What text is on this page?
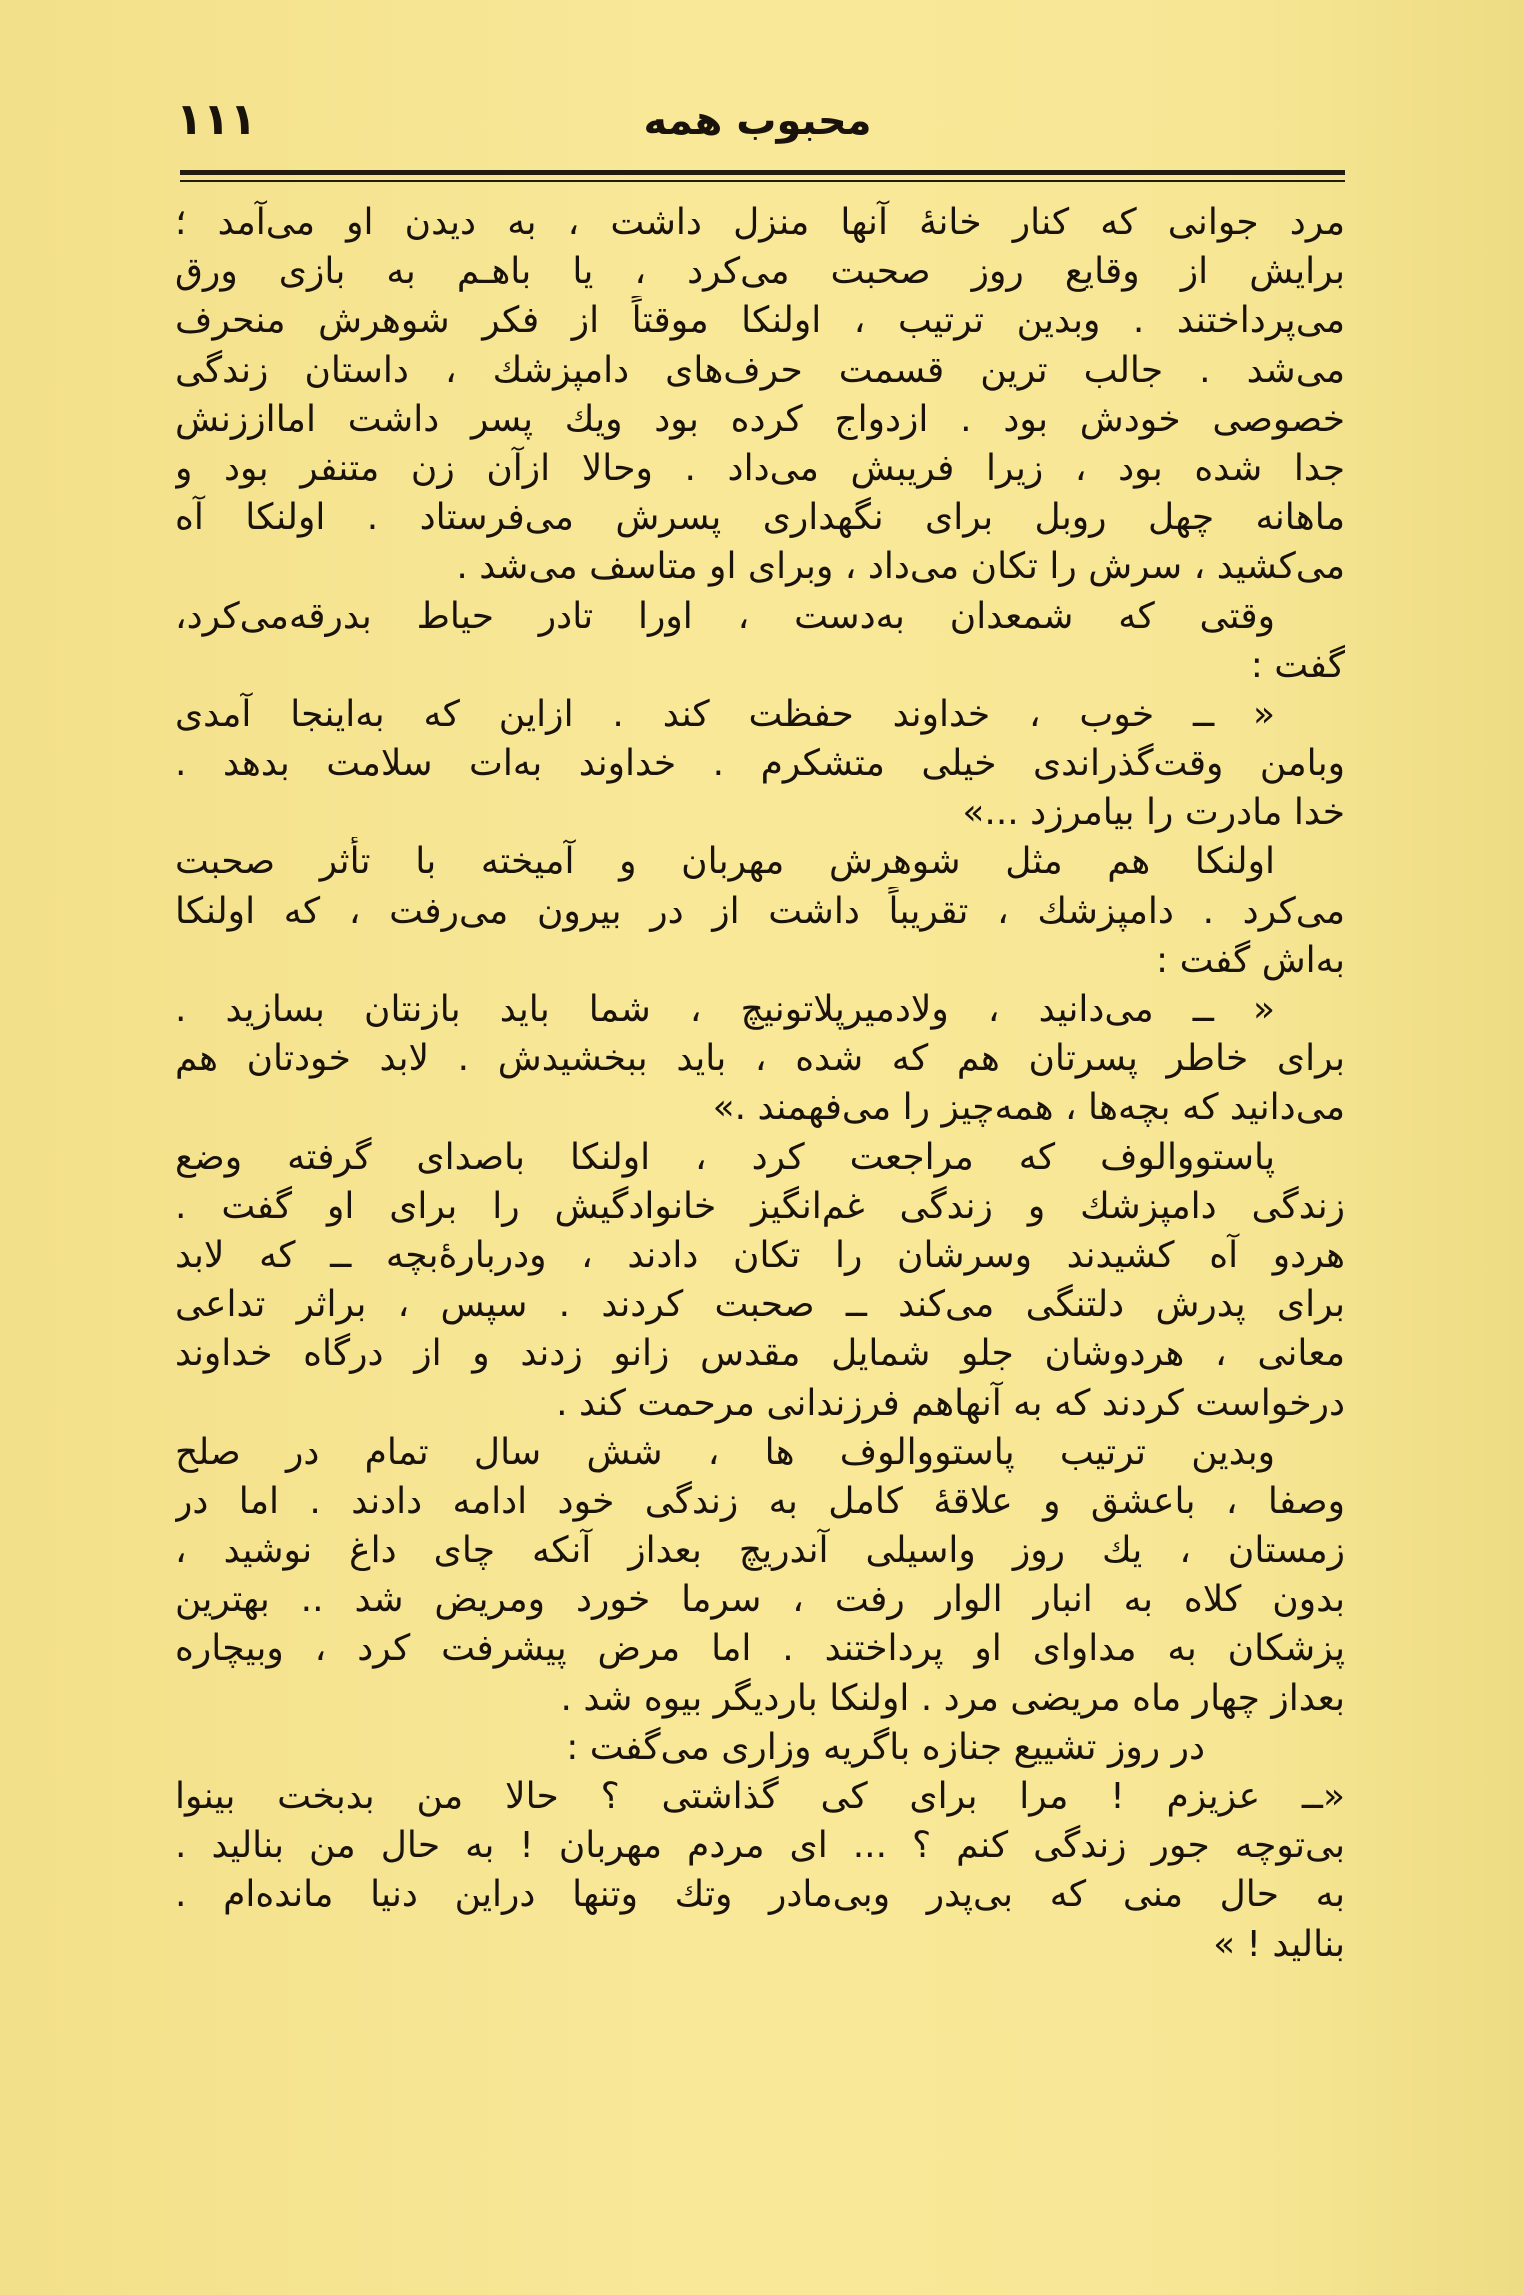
محبوب همه
۱۱۱
مرد جوانی که کنار خانهٔ آنها منزل داشت ، به دیدن او می‌آمد ؛
برایش از وقایع روز صحبت می‌کرد ، یا باهـم به بازی ورق
می‌پرداختند . وبدین ترتیب ، اولنکا موقتاً از فکر شوهرش منحرف
می‌شد . جالب ترین قسمت حرف‌های دامپزشك ، داستان زندگی
خصوصی خودش بود . ازدواج کرده بود ویك پسر داشت امااززنش
جدا شده بود ، زیرا فریبش می‌داد . وحالا ازآن زن متنفر بود و
ماهانه چهل روبل برای نگهداری پسرش می‌فرستاد . اولنکا آه
می‌کشید ، سرش را تکان می‌داد ، وبرای او متاسف می‌شد .
وقتی که شمعدان به‌دست ، اورا تادر حیاط بدرقه‌می‌کرد،
گفت :
« ــ خوب ، خداوند حفظت کند . ازاین که به‌اینجا آمدی
وبامن وقت‌گذراندی خیلی متشکرم . خداوند به‌ات سلامت بدهد .
خدا مادرت را بیامرزد ...»
اولنکا هم مثل شوهرش مهربان و آمیخته با تأثر صحبت
می‌کرد . دامپزشك ، تقریباً داشت از در بیرون می‌رفت ، که اولنکا
به‌اش گفت :
« ــ می‌دانید ، ولادمیرپلاتونیچ ، شما باید بازنتان بسازید .
برای خاطر پسرتان هم که شده ، باید ببخشیدش . لابد خودتان هم
می‌دانید که بچه‌ها ، همه‌چیز را می‌فهمند .»
پاستووالوف که مراجعت کرد ، اولنکا باصدای گرفته وضع
زندگی دامپزشك و زندگی غم‌انگیز خانوادگیش را برای او گفت .
هردو آه کشیدند وسرشان را تکان دادند ، ودرباره‌ٔبچه ــ که لابد
برای پدرش دلتنگی می‌کند ــ صحبت کردند . سپس ، براثر تداعی
معانی ، هردوشان جلو شمایل مقدس زانو زدند و از درگاه خداوند
درخواست کردند که به آنهاهم فرزندانی مرحمت کند .
وبدین ترتیب پاستووالوف ها ، شش سال تمام در صلح
وصفا ، باعشق و علاقهٔ کامل به زندگی خود ادامه دادند . اما در
زمستان ، یك روز واسیلی آندریچ بعداز آنکه چای داغ نوشید ،
بدون کلاه به انبار الوار رفت ، سرما خورد ومریض شد .. بهترین
پزشکان به مداوای او پرداختند . اما مرض پیشرفت کرد ، وبیچاره
بعداز چهار ماه مریضی مرد . اولنکا باردیگر بیوه شد .
در روز تشییع جنازه باگریه وزاری می‌گفت :
«ــ عزیزم ! مرا برای کی گذاشتی ؟ حالا من بدبخت بینوا
بی‌توچه جور زندگی کنم ؟ ... ای مردم مهربان ! به حال من بنالید .
به حال منی که بی‌پدر وبی‌مادر وتك وتنها دراین دنیا مانده‌ام .
بنالید ! »
